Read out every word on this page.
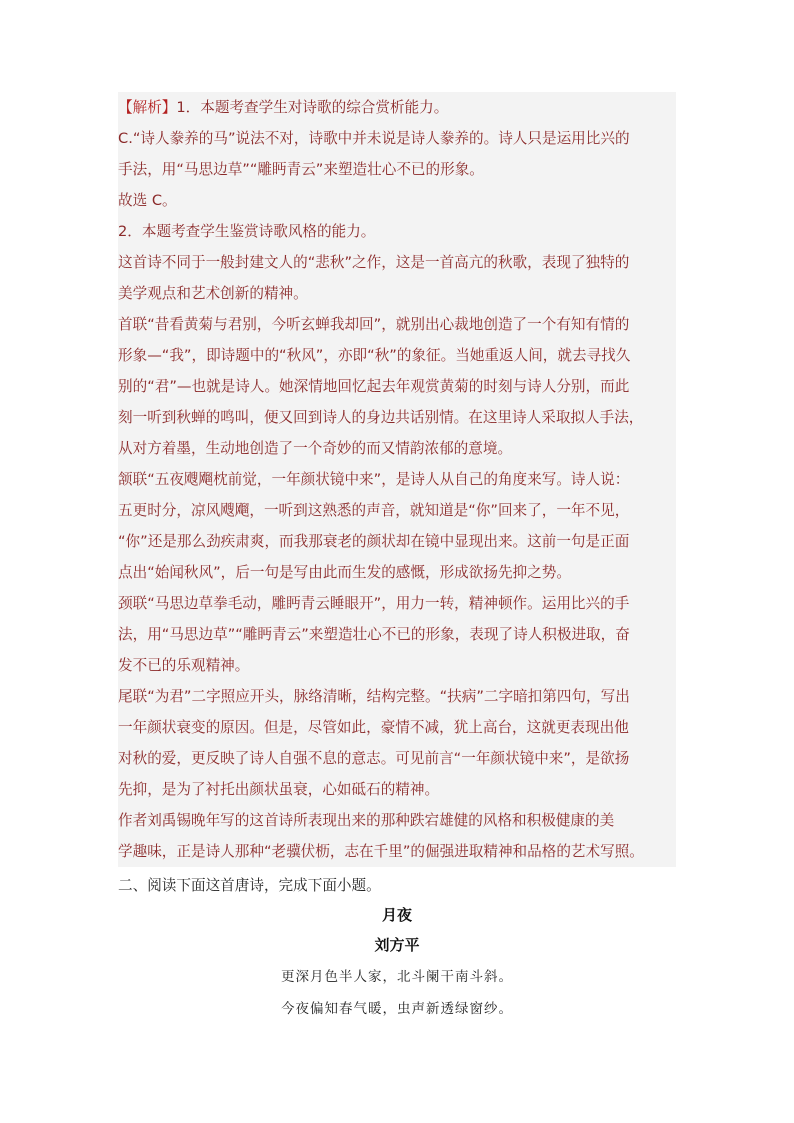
【解析】1．本题考查学生对诗歌的综合赏析能力。

C.“诗人豢养的马”说法不对，诗歌中并未说是诗人豢养的。诗人只是运用比兴的

手法，用“马思边草”“雕眄青云”来塑造壮心不已的形象。

故选 C。

2．本题考查学生鉴赏诗歌风格的能力。

这首诗不同于一般封建文人的“悲秋”之作，这是一首高亢的秋歌，表现了独特的

美学观点和艺术创新的精神。

首联“昔看黄菊与君别，今听玄蝉我却回”，就别出心裁地创造了一个有知有情的

形象—“我”，即诗题中的“秋风”，亦即“秋”的象征。当她重返人间，就去寻找久

别的“君”—也就是诗人。她深情地回忆起去年观赏黄菊的时刻与诗人分别，而此

刻一听到秋蝉的鸣叫，便又回到诗人的身边共话别情。在这里诗人采取拟人手法，

从对方着墨，生动地创造了一个奇妙的而又情韵浓郁的意境。

颔联“五夜飕飗枕前觉，一年颜状镜中来”，是诗人从自己的角度来写。诗人说：

五更时分，凉风飕飗，一听到这熟悉的声音，就知道是“你”回来了，一年不见，

“你”还是那么劲疾肃爽，而我那衰老的颜状却在镜中显现出来。这前一句是正面

点出“始闻秋风”，后一句是写由此而生发的感慨，形成欲扬先抑之势。

颈联“马思边草拳毛动，雕眄青云睡眼开”，用力一转，精神顿作。运用比兴的手

法，用“马思边草”“雕眄青云”来塑造壮心不已的形象，表现了诗人积极进取，奋

发不已的乐观精神。

尾联“为君”二字照应开头，脉络清晰，结构完整。“扶病”二字暗扣第四句，写出

一年颜状衰变的原因。但是，尽管如此，豪情不减，犹上高台，这就更表现出他

对秋的爱，更反映了诗人自强不息的意志。可见前言“一年颜状镜中来”，是欲扬

先抑，是为了衬托出颜状虽衰，心如砥石的精神。

作者刘禹锡晚年写的这首诗所表现出来的那种跌宕雄健的风格和积极健康的美

学趣味，正是诗人那种“老骥伏枥，志在千里”的倔强进取精神和品格的艺术写照。

二、阅读下面这首唐诗，完成下面小题。
月夜
刘方平
更深月色半人家，北斗阑干南斗斜。
今夜偏知春气暖，虫声新透绿窗纱。
